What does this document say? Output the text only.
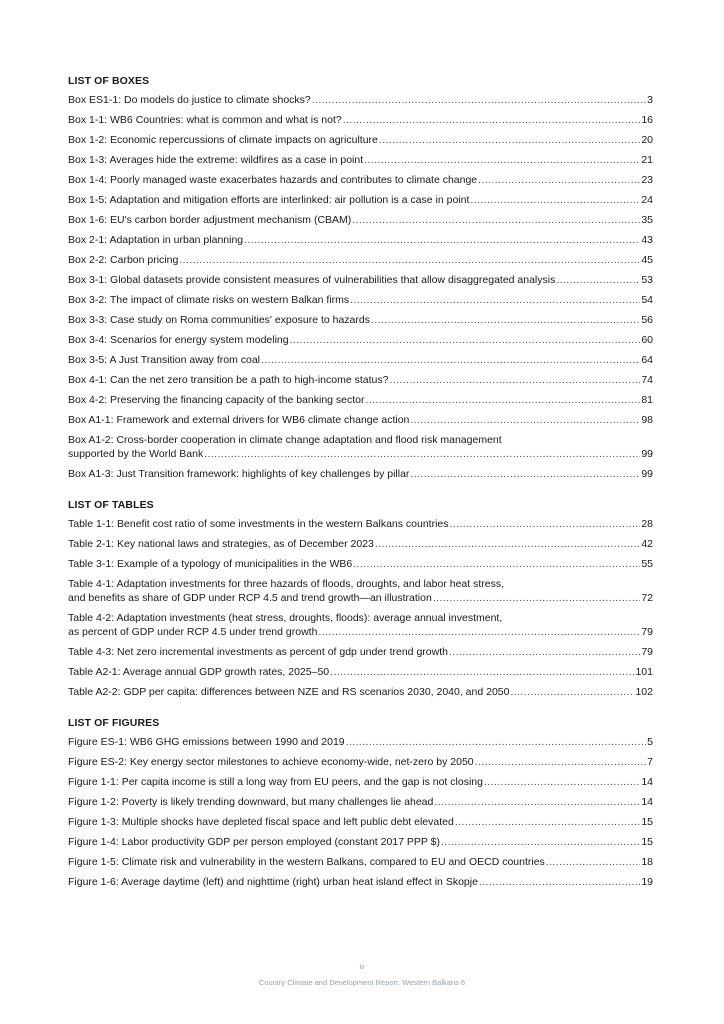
LIST OF BOXES
Box ES1-1: Do models do justice to climate shocks? .....	3
Box 1-1: WB6 Countries: what is common and what is not? .....	16
Box 1-2: Economic repercussions of climate impacts on agriculture .....	20
Box 1-3: Averages hide the extreme: wildfires as a case in point .....	21
Box 1-4: Poorly managed waste exacerbates hazards and contributes to climate change .....	23
Box 1-5: Adaptation and mitigation efforts are interlinked: air pollution is a case in point .....	24
Box 1-6: EU's carbon border adjustment mechanism (CBAM) .....	35
Box 2-1: Adaptation in urban planning .....	43
Box 2-2: Carbon pricing .....	45
Box 3-1: Global datasets provide consistent measures of vulnerabilities that allow disaggregated analysis .....	53
Box 3-2: The impact of climate risks on western Balkan firms .....	54
Box 3-3: Case study on Roma communities' exposure to hazards .....	56
Box 3-4: Scenarios for energy system modeling .....	60
Box 3-5: A Just Transition away from coal .....	64
Box 4-1: Can the net zero transition be a path to high-income status? .....	74
Box 4-2: Preserving the financing capacity of the banking sector .....	81
Box A1-1: Framework and external drivers for WB6 climate change action .....	98
Box A1-2: Cross-border cooperation in climate change adaptation and flood risk management
supported by the World Bank .....	99
Box A1-3: Just Transition framework: highlights of key challenges by pillar .....	99
LIST OF TABLES
Table 1-1: Benefit cost ratio of some investments in the western Balkans countries .....	28
Table 2-1: Key national laws and strategies, as of December 2023 .....	42
Table 3-1: Example of a typology of municipalities in the WB6 .....	55
Table 4-1: Adaptation investments for three hazards of floods, droughts, and labor heat stress,
and benefits as share of GDP under RCP 4.5 and trend growth—an illustration .....	72
Table 4-2: Adaptation investments (heat stress, droughts, floods): average annual investment,
as percent of GDP under RCP 4.5 under trend growth .....	79
Table 4-3: Net zero incremental investments as percent of gdp under trend growth .....	79
Table A2-1: Average annual GDP growth rates, 2025–50 .....	101
Table A2-2: GDP per capita: differences between NZE and RS scenarios 2030, 2040, and 2050 .....	102
LIST OF FIGURES
Figure ES-1: WB6 GHG emissions between 1990 and 2019 .....	5
Figure ES-2: Key energy sector milestones to achieve economy-wide, net-zero by 2050 .....	7
Figure 1-1: Per capita income is still a long way from EU peers, and the gap is not closing .....	14
Figure 1-2: Poverty is likely trending downward, but many challenges lie ahead .....	14
Figure 1-3: Multiple shocks have depleted fiscal space and left public debt elevated .....	15
Figure 1-4: Labor productivity GDP per person employed (constant 2017 PPP $) .....	15
Figure 1-5: Climate risk and vulnerability in the western Balkans, compared to EU and OECD countries .....	18
Figure 1-6: Average daytime (left) and nighttime (right) urban heat island effect in Skopje .....	19
iv
Country Climate and Development Report: Western Balkans 6
